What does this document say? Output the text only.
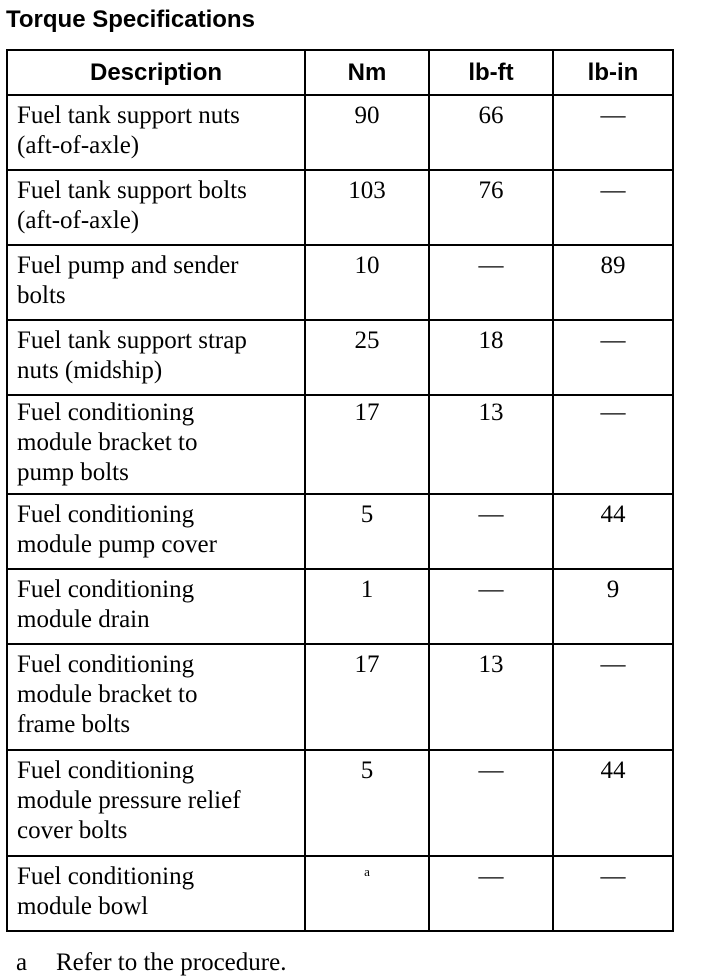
Torque Specifications
Description	Nm	lb-ft	lb-in
Fuel tank support nuts
(aft-of-axle)	90	66	—
Fuel tank support bolts
(aft-of-axle)	103	76	—
Fuel pump and sender
bolts	10	—	89
Fuel tank support strap
nuts (midship)	25	18	—
Fuel conditioning
module bracket to
pump bolts	17	13	—
Fuel conditioning
module pump cover	5	—	44
Fuel conditioning
module drain	1	—	9
Fuel conditioning
module bracket to
frame bolts	17	13	—
Fuel conditioning
module pressure relief
cover bolts	5	—	44
Fuel conditioning
module bowl	$^a$	—	—
a Refer to the procedure.
